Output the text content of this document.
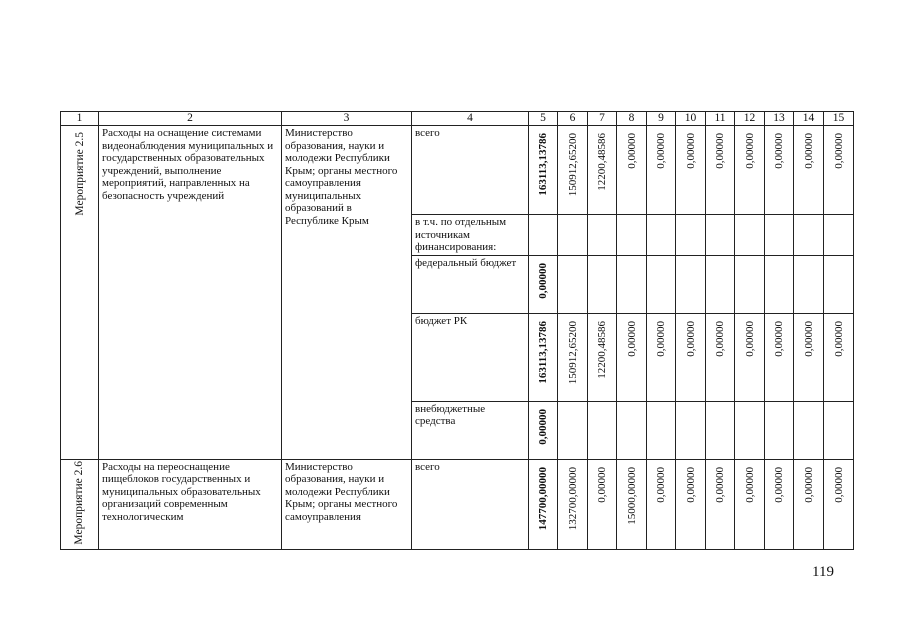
1	2	3	4	5	6	7	8	9	10	11	12	13	14	15
Мероприятие 2.5	Расходы на оснащение системами видеонаблюдения муниципальных и государственных образовательных учреждений, выполнение мероприятий, направленных на безопасность учреждений	Министерство образования, науки и молодежи Республики Крым; органы местного самоуправления муниципальных образований в Республике Крым	всего	163113,13786	150912,65200	12200,48586	0,00000	0,00000	0,00000	0,00000	0,00000	0,00000	0,00000	0,00000
			в т.ч. по отдельным источникам финансирования:											
			федеральный бюджет	0,00000										
			бюджет РК	163113,13786	150912,65200	12200,48586	0,00000	0,00000	0,00000	0,00000	0,00000	0,00000	0,00000	0,00000
			внебюджетные средства	0,00000										
Мероприятие 2.6	Расходы на переоснащение пищеблоков государственных и муниципальных образовательных организаций современным технологическим	Министерство образования, науки и молодежи Республики Крым; органы местного самоуправления	всего	147700,00000	132700,00000	0,00000	15000,00000	0,00000	0,00000	0,00000	0,00000	0,00000	0,00000	0,00000
119
